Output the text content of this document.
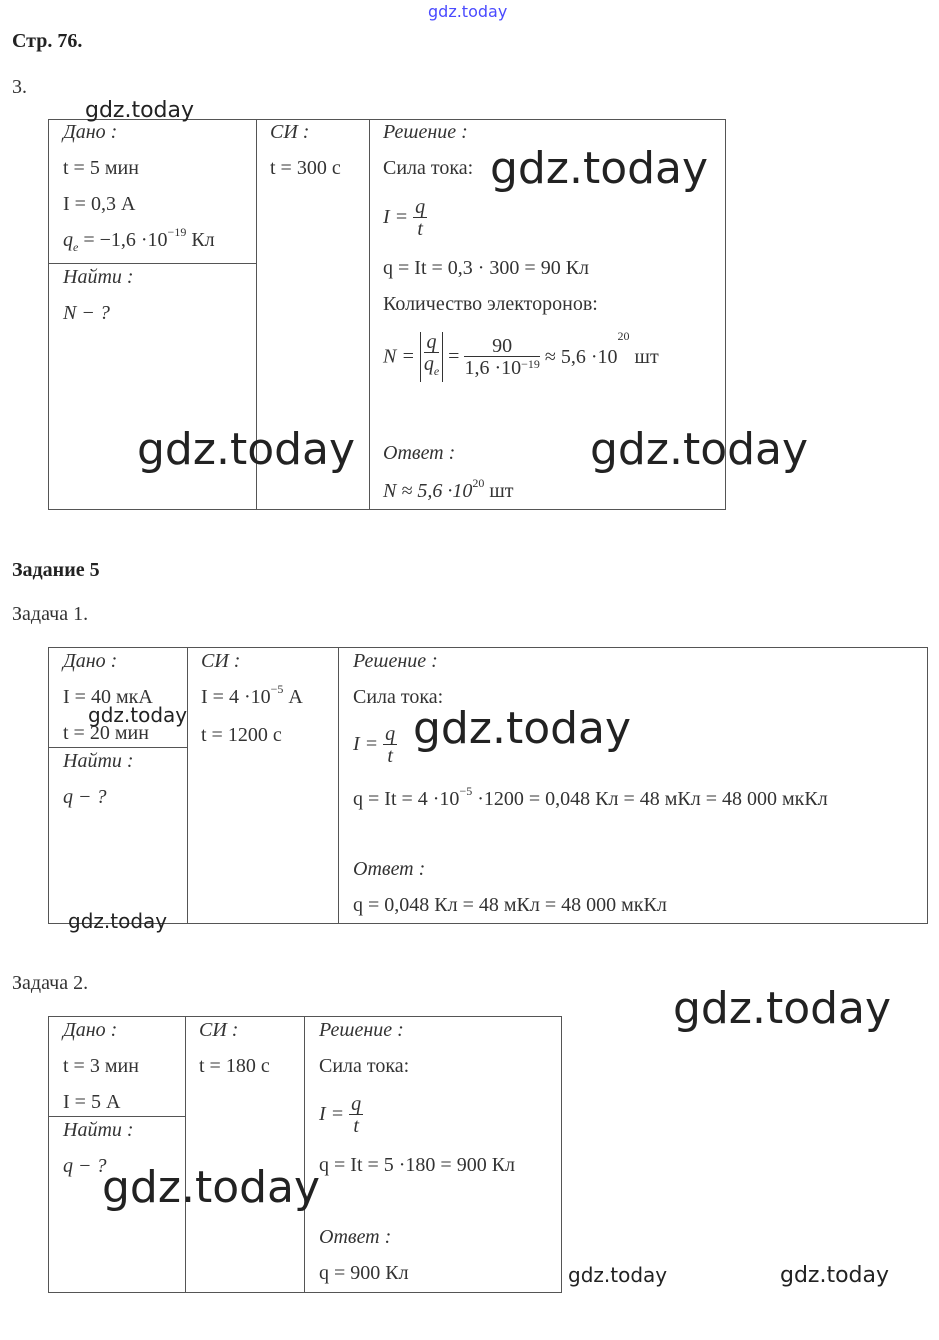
gdz.today
Стр. 76.
3.
Дано :
t = 5 мин
I = 0,3 А
$q_e = -1,6 \cdot 10^{-19}$ Кл
Найти :
N − ?
СИ :
t = 300 с
Решение :
Сила тока:
$I = \frac{q}{t}$
q = It = 0,3 · 300 = 90 Кл
Количество электоронов:
$N = \frac{q}{q_e} = \frac{90}{1,6 \cdot 10^{-19}} \approx 5,6 \cdot 10^{20}$ шт
Ответ :
$N \approx 5,6 \cdot 10^{20}$ шт
Задание 5
Задача 1.
Дано :
I = 40 мкА
t = 20 мин
Найти :
q − ?
СИ :
$I = 4 \cdot 10^{-5}$ А
t = 1200 с
Решение :
Сила тока:
$I = \frac{q}{t}$
$q = It = 4 \cdot 10^{-5} \cdot 1200 = 0,048$ Кл = 48 мКл = 48 000 мкКл
Ответ :
q = 0,048 Кл = 48 мКл = 48 000 мкКл
Задача 2.
Дано :
t = 3 мин
I = 5 А
Найти :
q − ?
СИ :
t = 180 с
Решение :
Сила тока:
$I = \frac{q}{t}$
q = It = 5 ·180 = 900 Кл
Ответ :
q = 900 Кл
gdz.today
gdz.today
gdz.today	gdz.today
gdz.today	gdz.today
gdz.today
gdz.today
gdz.today
gdz.today	gdz.today
